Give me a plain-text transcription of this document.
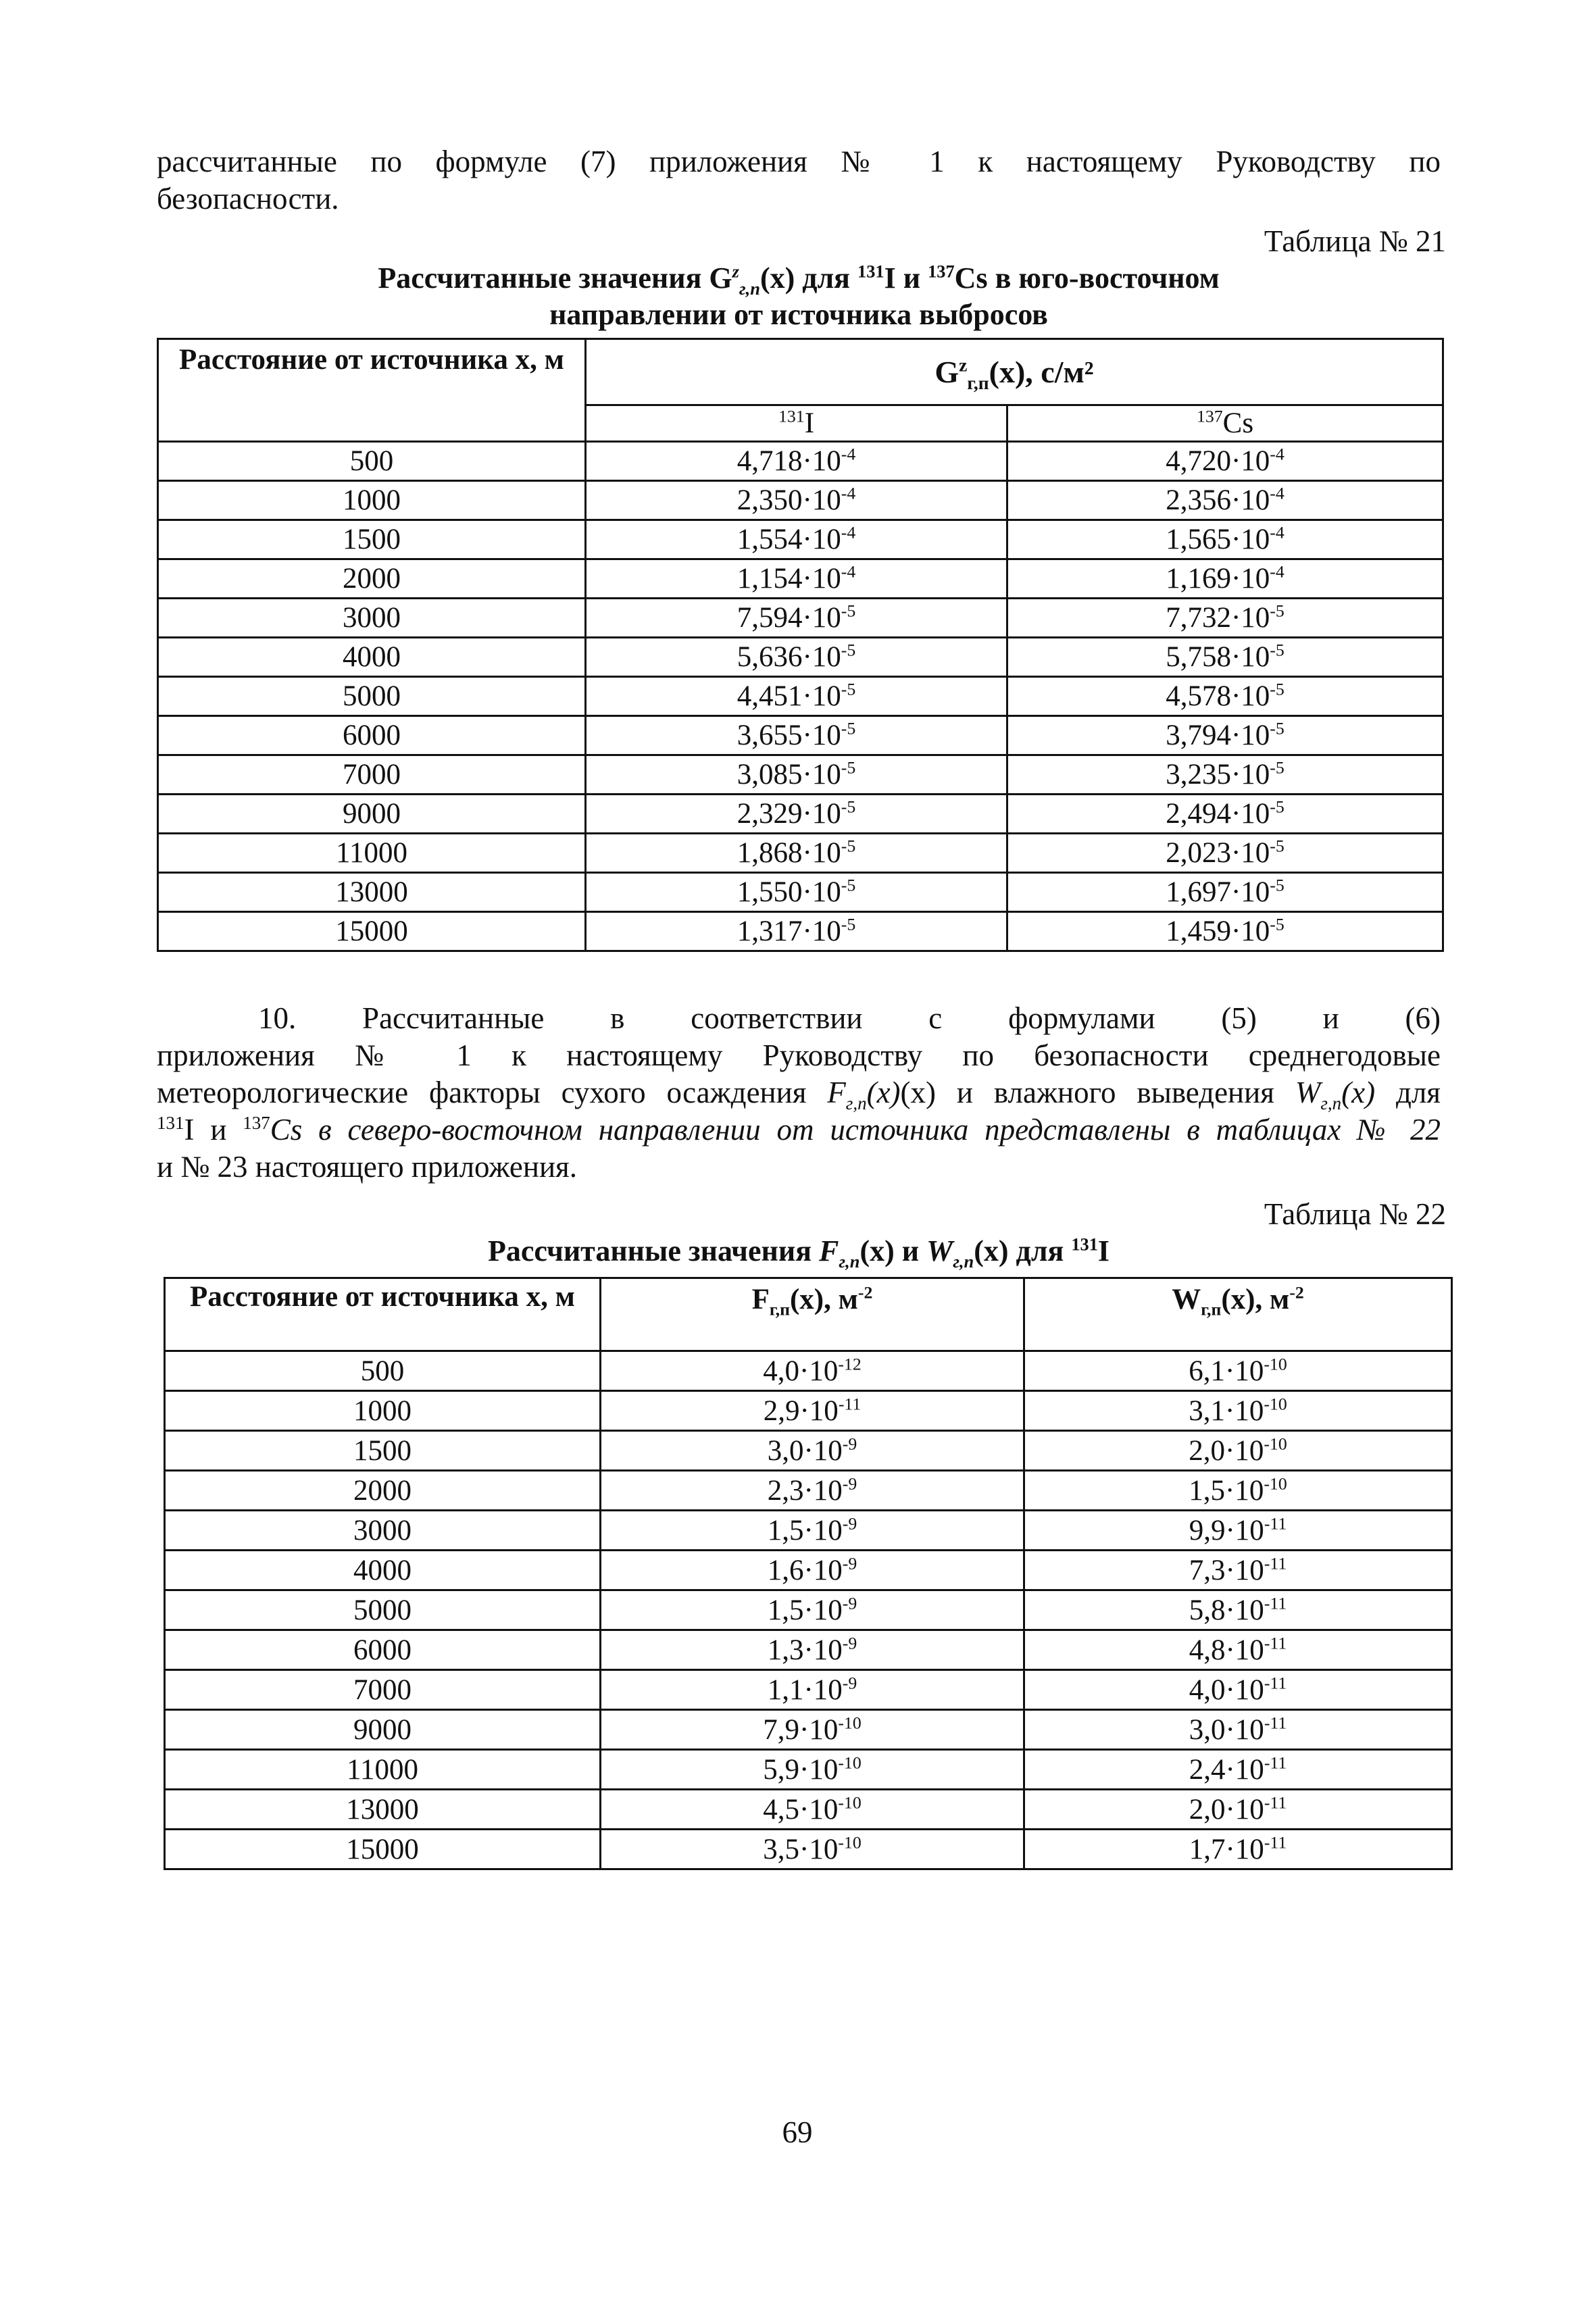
рассчитанные по формуле (7) приложения № 1 к настоящему Руководству по
безопасности.
Таблица № 21
Рассчитанные значения $G^z_{г,п}(x)$ для $^{131}$I и $^{137}$Cs в юго-восточном
направлении от источника выбросов
Расстояние от источника x, м	$G^z_{г,п}(x)$, с/м²	
	$^{131}$I	$^{137}$Cs
500	$4,718\cdot 10^{-4}$	$4,720\cdot 10^{-4}$
1000	$2,350\cdot 10^{-4}$	$2,356\cdot 10^{-4}$
1500	$1,554\cdot 10^{-4}$	$1,565\cdot 10^{-4}$
2000	$1,154\cdot 10^{-4}$	$1,169\cdot 10^{-4}$
3000	$7,594\cdot 10^{-5}$	$7,732\cdot 10^{-5}$
4000	$5,636\cdot 10^{-5}$	$5,758\cdot 10^{-5}$
5000	$4,451\cdot 10^{-5}$	$4,578\cdot 10^{-5}$
6000	$3,655\cdot 10^{-5}$	$3,794\cdot 10^{-5}$
7000	$3,085\cdot 10^{-5}$	$3,235\cdot 10^{-5}$
9000	$2,329\cdot 10^{-5}$	$2,494\cdot 10^{-5}$
11000	$1,868\cdot 10^{-5}$	$2,023\cdot 10^{-5}$
13000	$1,550\cdot 10^{-5}$	$1,697\cdot 10^{-5}$
15000	$1,317\cdot 10^{-5}$	$1,459\cdot 10^{-5}$
10. Рассчитанные в соответствии с формулами (5) и (6)
приложения № 1 к настоящему Руководству по безопасности среднегодовые
метеорологические факторы сухого осаждения $F_{г,п}(x)(x)$ и влажного выведения $W_{г,п}(x)$ для
$^{131}$I и $^{137}$Cs в северо-восточном направлении от источника представлены в таблицах № 22
и № 23 настоящего приложения.
Таблица № 22
Рассчитанные значения $F_{г,п}(x)$ и $W_{г,п}(x)$ для $^{131}$I
Расстояние от источника x, м	$F_{г,п}(x)$, $м^{-2}$	$W_{г,п}(x)$, $м^{-2}$
500	$4,0\cdot 10^{-12}$	$6,1\cdot 10^{-10}$
1000	$2,9\cdot 10^{-11}$	$3,1\cdot 10^{-10}$
1500	$3,0\cdot 10^{-9}$	$2,0\cdot 10^{-10}$
2000	$2,3\cdot 10^{-9}$	$1,5\cdot 10^{-10}$
3000	$1,5\cdot 10^{-9}$	$9,9\cdot 10^{-11}$
4000	$1,6\cdot 10^{-9}$	$7,3\cdot 10^{-11}$
5000	$1,5\cdot 10^{-9}$	$5,8\cdot 10^{-11}$
6000	$1,3\cdot 10^{-9}$	$4,8\cdot 10^{-11}$
7000	$1,1\cdot 10^{-9}$	$4,0\cdot 10^{-11}$
9000	$7,9\cdot 10^{-10}$	$3,0\cdot 10^{-11}$
11000	$5,9\cdot 10^{-10}$	$2,4\cdot 10^{-11}$
13000	$4,5\cdot 10^{-10}$	$2,0\cdot 10^{-11}$
15000	$3,5\cdot 10^{-10}$	$1,7\cdot 10^{-11}$
69
